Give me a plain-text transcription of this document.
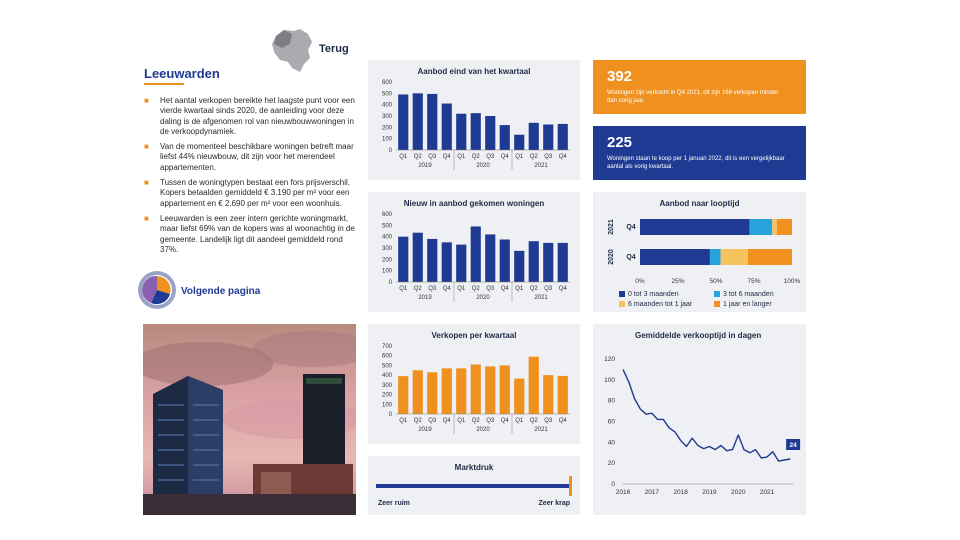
Terug
Leeuwarden
■ Het aantal verkopen bereikte het laagste punt voor een vierde kwartaal sinds 2020, de aanleiding voor deze daling is de afgenomen rol van nieuwbouwwoningen in de verkoopdynamiek.
■ Van de momenteel beschikbare woningen betreft maar liefst 44% nieuwbouw, dit zijn voor het merendeel appartementen.
■ Tussen de woningtypen bestaat een fors prijsverschil. Kopers betaalden gemiddeld € 3.190 per m² voor een appartement en € 2.690 per m² voor een woonhuis.
■ Leeuwarden is een zeer intern gerichte woningmarkt, maar liefst 69% van de kopers was al woonachtig in de gemeente. Landelijk ligt dit aandeel gemiddeld rond 37%.
Volgende pagina
Aanbod eind van het kwartaal
0
100
200
300
400
500
600
Q1 Q2 Q3 Q4 Q1 Q2 Q3 Q4 Q1 Q2 Q3 Q4
2019	2020	2021
Nieuw in aanbod gekomen woningen
0
100
200
300
400
500
600
Q1 Q2 Q3 Q4 Q1 Q2 Q3 Q4 Q1 Q2 Q3 Q4
2019	2020	2021
Verkopen per kwartaal
0
100
200
300
400
500
600
700
Q1 Q2 Q3 Q4 Q1 Q2 Q3 Q4 Q1 Q2 Q3 Q4
2019	2020	2021
Marktdruk
Zeer ruim	Zeer krap
392
Woningen zijn verkocht in Q4 2021, dit zijn 166 verkopen minder dan vorig jaar.
225
Woningen staan te koop per 1 januari 2022, dit is een vergelijkbaar aantal als vorig kwartaal.
Aanbod naar looptijd
Q4
2021
Q4
2020
0%	25%	50%	75%	100%
0 tot 3 maanden	3 tot 6 maanden
6 maanden tot 1 jaar	1 jaar en langer
Gemiddelde verkooptijd in dagen
0
20
40
60
80
100
120
2016 2017 2018 2019 2020 2021
24
